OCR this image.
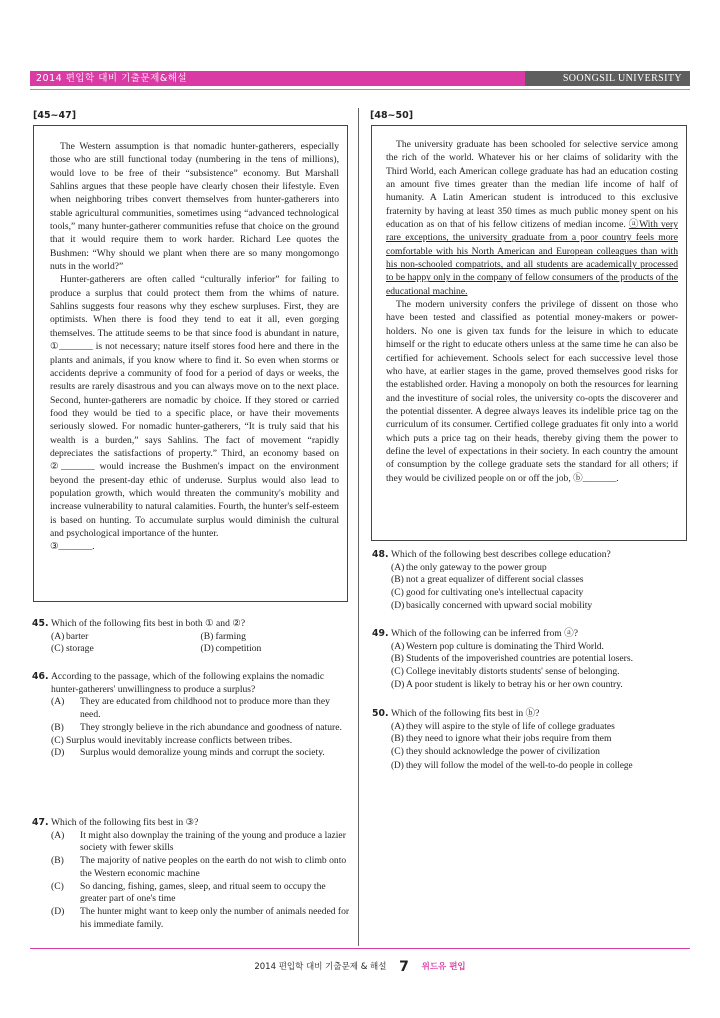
2014 편입학 대비 기출문제&해설	SOONGSIL UNIVERSITY
[45~47]

The Western assumption is that nomadic hunter-gatherers, especially those who are still functional today (numbering in the tens of millions), would love to be free of their “subsistence” economy. But Marshall Sahlins argues that these people have clearly chosen their lifestyle. Even when neighboring tribes convert themselves from hunter-gatherers into stable agricultural communities, sometimes using “advanced technological tools,” many hunter-gatherer communities refuse that choice on the ground that it would require them to work harder. Richard Lee quotes the Bushmen: “Why should we plant when there are so many mongomongo nuts in the world?”

Hunter-gatherers are often called “culturally inferior” for failing to produce a surplus that could protect them from the whims of nature. Sahlins suggests four reasons why they eschew surpluses. First, they are optimists. When there is food they tend to eat it all, even gorging themselves. The attitude seems to be that since food is abundant in nature, ①_______ is not necessary; nature itself stores food here and there in the plants and animals, if you know where to find it. So even when storms or accidents deprive a community of food for a period of days or weeks, the results are rarely disastrous and you can always move on to the next place. Second, hunter-gatherers are nomadic by choice. If they stored or carried food they would be tied to a specific place, or have their movements seriously slowed. For nomadic hunter-gatherers, “It is truly said that his wealth is a burden,” says Sahlins. The fact of movement “rapidly depreciates the satisfactions of property.” Third, an economy based on ②_______ would increase the Bushmen's impact on the environment beyond the present-day ethic of underuse. Surplus would also lead to population growth, which would threaten the community's mobility and increase vulnerability to natural calamities. Fourth, the hunter's self-esteem is based on hunting. To accumulate surplus would diminish the cultural and psychological importance of the hunter.

③_______.

45. Which of the following fits best in both ① and ②?
(A) barter	(B) farming
(C) storage	(D) competition
46. According to the passage, which of the following explains the nomadic hunter-gatherers' unwillingness to produce a surplus?
(A) They are educated from childhood not to produce more than they need.
(B) They strongly believe in the rich abundance and goodness of nature.
(C) Surplus would inevitably increase conflicts between tribes.
(D) Surplus would demoralize young minds and corrupt the society.
47. Which of the following fits best in ③?
(A) It might also downplay the training of the young and produce a lazier society with fewer skills
(B) The majority of native peoples on the earth do not wish to climb onto the Western economic machine
(C) So dancing, fishing, games, sleep, and ritual seem to occupy the greater part of one's time
(D) The hunter might want to keep only the number of animals needed for his immediate family.
[48~50]

The university graduate has been schooled for selective service among the rich of the world. Whatever his or her claims of solidarity with the Third World, each American college graduate has had an education costing an amount five times greater than the median life income of half of humanity. A Latin American student is introduced to this exclusive fraternity by having at least 350 times as much public money spent on his education as on that of his fellow citizens of median income. ⓐWith very rare exceptions, the university graduate from a poor country feels more comfortable with his North American and European colleagues than with his non-schooled compatriots, and all students are academically processed to be happy only in the company of fellow consumers of the products of the educational machine.

The modern university confers the privilege of dissent on those who have been tested and classified as potential money-makers or power-holders. No one is given tax funds for the leisure in which to educate himself or the right to educate others unless at the same time he can also be certified for achievement. Schools select for each successive level those who have, at earlier stages in the game, proved themselves good risks for the established order. Having a monopoly on both the resources for learning and the investiture of social roles, the university co-opts the discoverer and the potential dissenter. A degree always leaves its indelible price tag on the curriculum of its consumer. Certified college graduates fit only into a world which puts a price tag on their heads, thereby giving them the power to define the level of expectations in their society. In each country the amount of consumption by the college graduate sets the standard for all others; if they would be civilized people on or off the job, ⓑ_______.

48. Which of the following best describes college education?
(A) the only gateway to the power group
(B) not a great equalizer of different social classes
(C) good for cultivating one's intellectual capacity
(D) basically concerned with upward social mobility
49. Which of the following can be inferred from ⓐ?
(A) Western pop culture is dominating the Third World.
(B) Students of the impoverished countries are potential losers.
(C) College inevitably distorts students' sense of belonging.
(D) A poor student is likely to betray his or her own country.
50. Which of the following fits best in ⓑ?
(A) they will aspire to the style of life of college graduates
(B) they need to ignore what their jobs require from them
(C) they should acknowledge the power of civilization
(D) they will follow the model of the well-to-do people in college
2014 편입학 대비 기출문제 & 해설 7 위드유 편입
